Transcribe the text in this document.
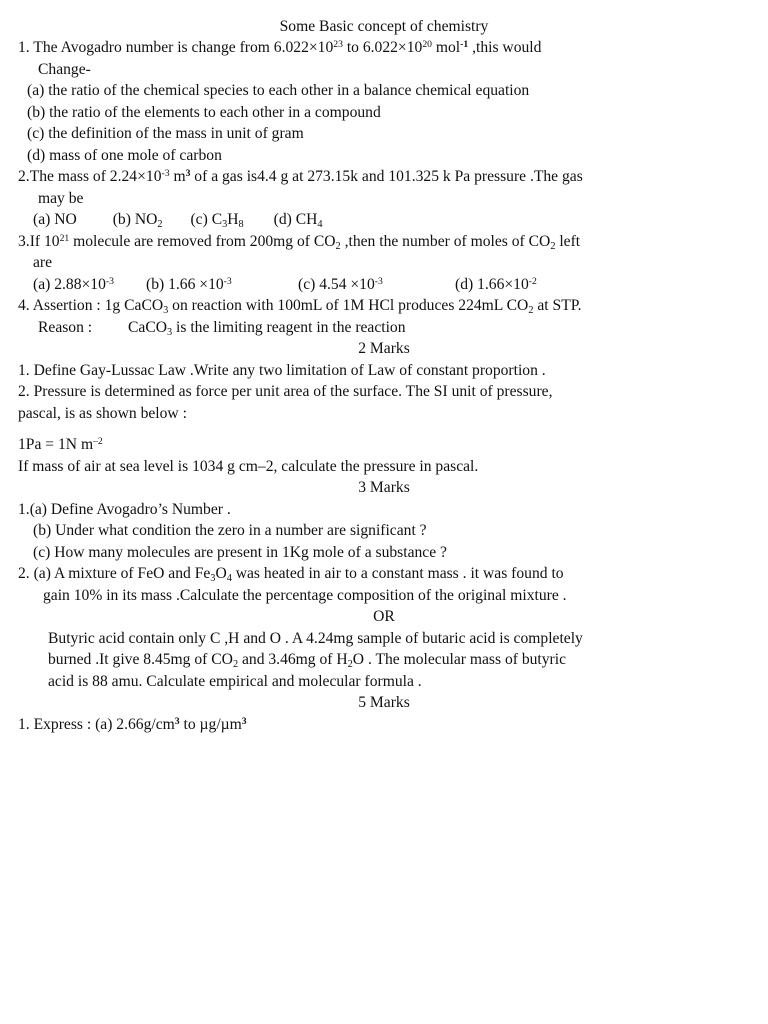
Some Basic concept of chemistry
1. The Avogadro number is change from $6.022\times 10^{23}$ to $6.022\times 10^{20}$ mol$^{-1}$ ,this would
Change-
(a) the ratio of the chemical species to each other in a balance chemical equation
(b) the ratio of the elements to each other in a compound
(c) the definition of the mass in unit of gram
(d) mass of one mole of carbon
2.The mass of $2.24\times 10^{-3}$ $m^3$ of a gas is4.4 g at 273.15k and 101.325 k Pa pressure .The gas
may be
(a) NO (b) $NO_2$ (c) $C_3H_8$ (d) $CH_4$
3.If $10^{21}$ molecule are removed from 200mg of $CO_2$ ,then the number of moles of $CO_2$ left
are
(a) $2.88\times 10^{-3}$ (b) $1.66 \times 10^{-3}$	(c) $4.54 \times 10^{-3}$	(d) $1.66\times 10^{-2}$
4. Assertion : 1g CaCO$_3$ on reaction with 100mL of 1M HCl produces 224mL $CO_2$ at STP.
Reason : CaCO$_3$ is the limiting reagent in the reaction
2 Marks
1. Define Gay-Lussac Law .Write any two limitation of Law of constant proportion .
2. Pressure is determined as force per unit area of the surface. The SI unit of pressure,
pascal, is as shown below :
1Pa = 1N $m^{-2}$
If mass of air at sea level is 1034 g cm–2, calculate the pressure in pascal.
3 Marks
1.(a) Define Avogadro’s Number .
(b) Under what condition the zero in a number are significant ?
(c) How many molecules are present in 1Kg mole of a substance ?
2. (a) A mixture of FeO and $Fe_3O_4$ was heated in air to a constant mass . it was found to
gain 10% in its mass .Calculate the percentage composition of the original mixture .
OR
Butyric acid contain only C ,H and O . A 4.24mg sample of butaric acid is completely
burned .It give 8.45mg of $CO_2$ and 3.46mg of $H_2O$ . The molecular mass of butyric
acid is 88 amu. Calculate empirical and molecular formula .
5 Marks
1. Express : (a) $2.66g/cm^3$ to µg/µm$^3$
